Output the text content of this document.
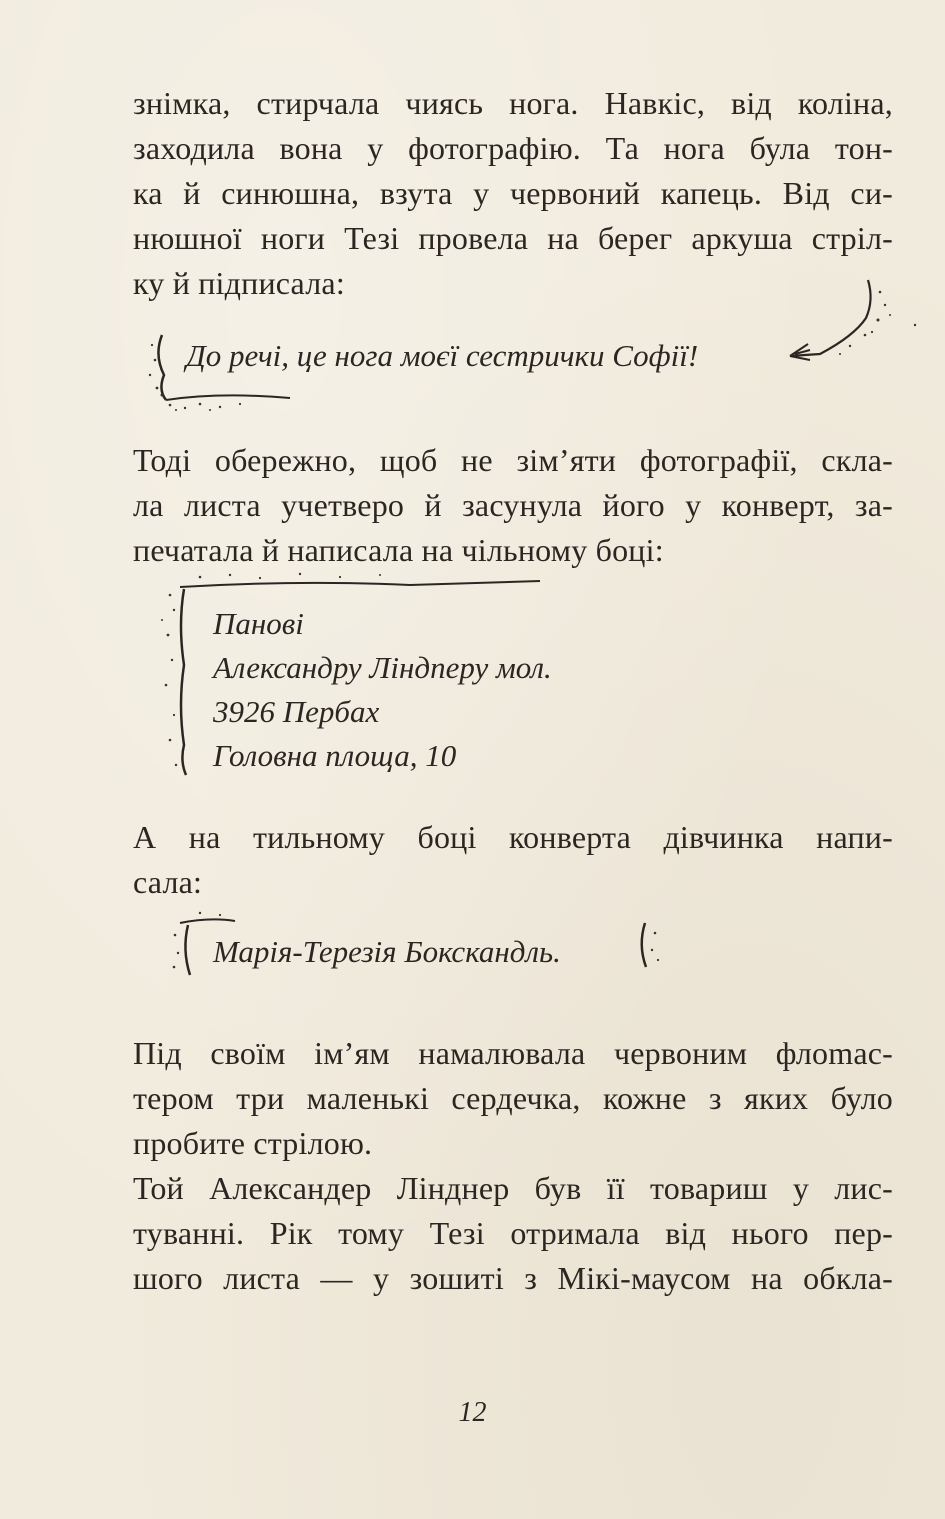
знімка, стирчала чиясь нога. Навкіс, від коліна,
заходила вона у фотографію. Та нога була тон-
ка й синюшна, взута у червоний капець. Від си-
нюшної ноги Тезі провела на берег аркуша стріл-
ку й підписала:
До речі, це нога моєї сестрички Софії!
Тоді обережно, щоб не зім’яти фотографії, скла-
ла листа учетверо й засунула його у конверт, за-
печатала й написала на чільному боці:
Панові
Александру Ліндneру мол.
3926 Пербах
Головна площа, 10
А на тильному боці конверта дівчинка напи-
сала:
Марія-Терезія Бокскандль.
Під своїм ім’ям намалювала червоним флomас-
тером три маленькі сердечка, кожне з яких було
пробите стрілою.
Той Александер Лінднер був її товариш у лис-
туванні. Рік тому Тезі отримала від нього пер-
шого листа — у зошиті з Мікі-маусом на обкла-
12
